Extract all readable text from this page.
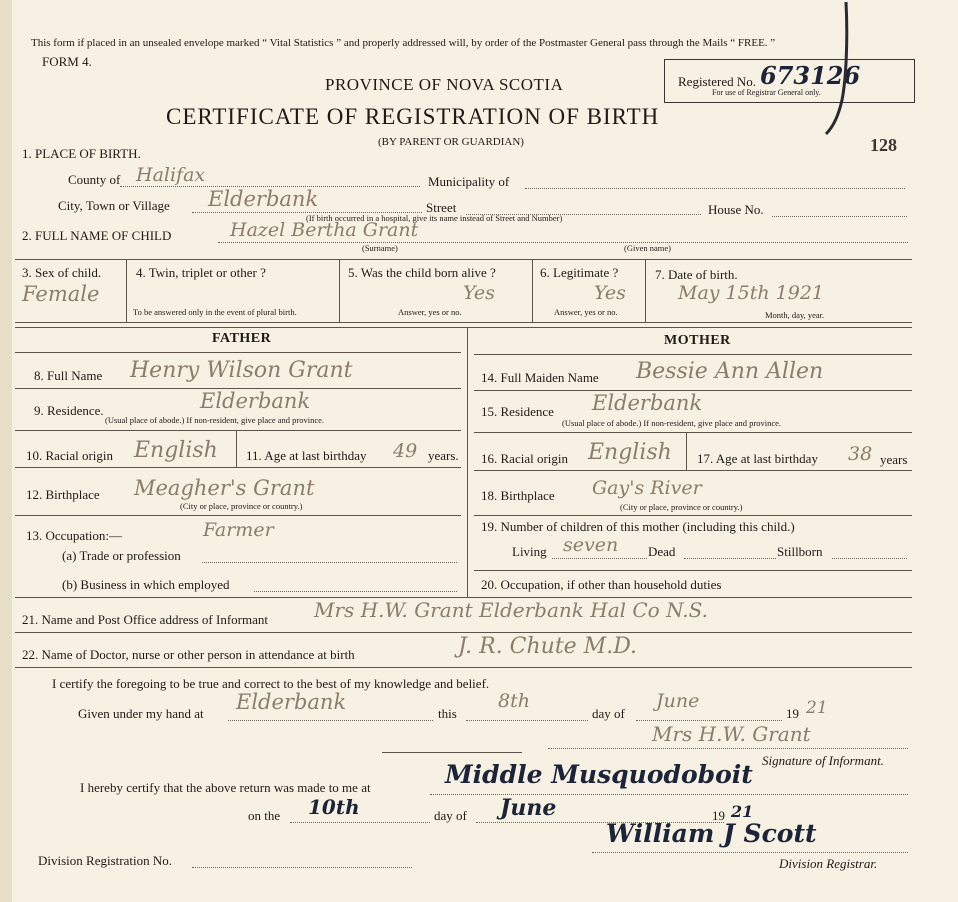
This form if placed in an unsealed envelope marked “ Vital Statistics ” and properly addressed will, by order of the Postmaster General pass through the Mails “ FREE. ”
FORM 4.
PROVINCE OF NOVA SCOTIA
CERTIFICATE OF REGISTRATION OF BIRTH
(BY PARENT OR GUARDIAN)
Registered No. 673126
For use of Registrar General only.
128
1. PLACE OF BIRTH.
County of Halifax	Municipality of
City, Town or Village Elderbank	Street	House No.
(If birth occurred in a hospital, give its name instead of Street and Number)
2. FULL NAME OF CHILD	Hazel Bertha Grant
(Surname)	(Given name)
3. Sex of child.
Female
4. Twin, triplet or other ?
To be answered only in the event of plural birth.
5. Was the child born alive ?
Yes
Answer, yes or no.
6. Legitimate ?
Yes
Answer, yes or no.
7. Date of birth.
May 15th 1921
Month, day, year.
FATHER	MOTHER
8. Full Name Henry Wilson Grant
9. Residence.	Elderbank
(Usual place of abode.) If non-resident, give place and province.
10. Racial origin English 11. Age at last birthday 49 years.
12. Birthplace Meagher's Grant
(City or place, province or country.)
13. Occupation:—	Farmer
(a) Trade or profession
(b) Business in which employed
14. Full Maiden Name Bessie Ann Allen
15. Residence Elderbank
(Usual place of abode.) If non-resident, give place and province.
16. Racial origin English 17. Age at last birthday 38 years
18. Birthplace Gay's River
(City or place, province or country.)
19. Number of children of this mother (including this child.)
Living seven Dead	Stillborn
20. Occupation, if other than household duties
21. Name and Post Office address of Informant Mrs H.W. Grant Elderbank Hal Co N.S.
22. Name of Doctor, nurse or other person in attendance at birth	J. R. Chute M.D.
I certify the foregoing to be true and correct to the best of my knowledge and belief.
Given under my hand at Elderbank	this
8th
day of
June
19 21
Mrs H.W. Grant
Signature of Informant.
I hereby certify that the above return was made to me at	Middle Musquodoboit
on the 10th	day of June	19 21
William J Scott
Division Registrar.
Division Registration No.
